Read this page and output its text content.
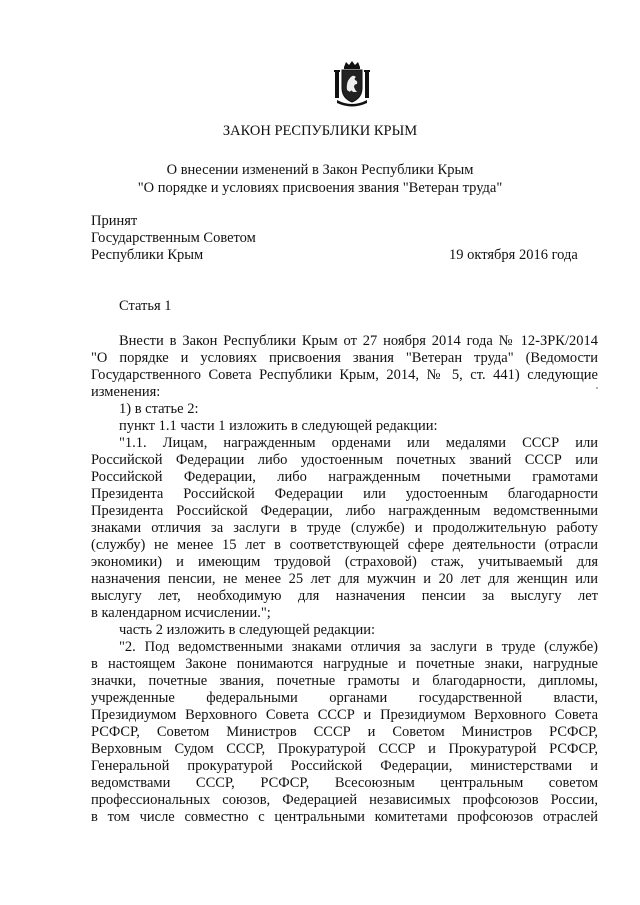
ЗАКОН РЕСПУБЛИКИ КРЫМ
О внесении изменений в Закон Республики Крым
"О порядке и условиях присвоения звания "Ветеран труда"
Принят
Государственным Советом
Республики Крым	19 октября 2016 года
Статья 1
Внести в Закон Республики Крым от 27 ноября 2014 года № 12-ЗРК/2014
"О порядке и условиях присвоения звания "Ветеран труда" (Ведомости
Государственного Совета Республики Крым, 2014, № 5, ст. 441) следующие
изменения:
1) в статье 2:
пункт 1.1 части 1 изложить в следующей редакции:
"1.1. Лицам, награжденным орденами или медалями СССР или
Российской Федерации либо удостоенным почетных званий СССР или
Российской Федерации, либо награжденным почетными грамотами
Президента Российской Федерации или удостоенным благодарности
Президента Российской Федерации, либо награжденным ведомственными
знаками отличия за заслуги в труде (службе) и продолжительную работу
(службу) не менее 15 лет в соответствующей сфере деятельности (отрасли
экономики) и имеющим трудовой (страховой) стаж, учитываемый для
назначения пенсии, не менее 25 лет для мужчин и 20 лет для женщин или
выслугу лет, необходимую для назначения пенсии за выслугу лет
в календарном исчислении.";
часть 2 изложить в следующей редакции:
"2. Под ведомственными знаками отличия за заслуги в труде (службе)
в настоящем Законе понимаются нагрудные и почетные знаки, нагрудные
значки, почетные звания, почетные грамоты и благодарности, дипломы,
учрежденные федеральными органами государственной власти,
Президиумом Верховного Совета СССР и Президиумом Верховного Совета
РСФСР, Советом Министров СССР и Советом Министров РСФСР,
Верховным Судом СССР, Прокуратурой СССР и Прокуратурой РСФСР,
Генеральной прокуратурой Российской Федерации, министерствами и
ведомствами СССР, РСФСР, Всесоюзным центральным советом
профессиональных союзов, Федерацией независимых профсоюзов России,
в том числе совместно с центральными комитетами профсоюзов отраслей
